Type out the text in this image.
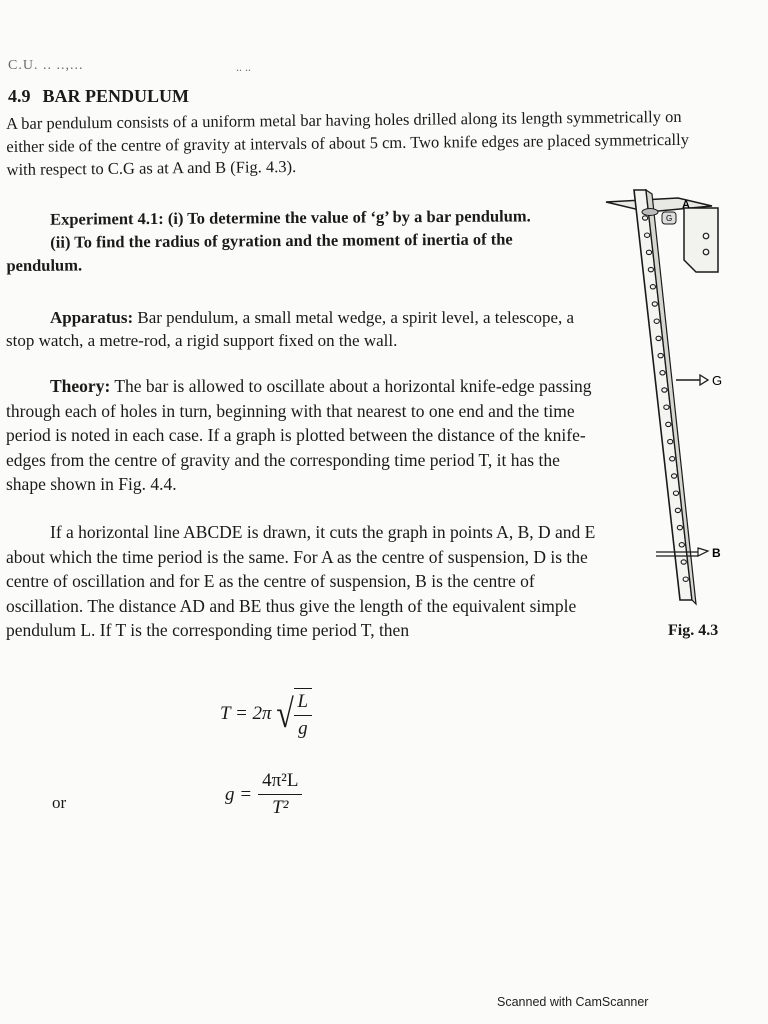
C.U. .. ..,...	.. ..
4.9 BAR PENDULUM
A bar pendulum consists of a uniform metal bar having holes drilled along its length symmetrically on either side of the centre of gravity at intervals of about 5 cm. Two knife edges are placed symmetrically with respect to C.G as at A and B (Fig. 4.3).
Experiment 4.1: (i) To determine the value of ‘g’ by a bar pendulum.
(ii) To find the radius of gyration and the moment of inertia of the pendulum.
Apparatus: Bar pendulum, a small metal wedge, a spirit level, a telescope, a stop watch, a metre-rod, a rigid support fixed on the wall.
Theory: The bar is allowed to oscillate about a horizontal knife-edge passing through each of holes in turn, beginning with that nearest to one end and the time period is noted in each case. If a graph is plotted between the distance of the knife-edges from the centre of gravity and the corresponding time period T, it has the shape shown in Fig. 4.4.
If a horizontal line ABCDE is drawn, it cuts the graph in points A, B, D and E about which the time period is the same. For A as the centre of suspension, D is the centre of oscillation and for E as the centre of suspension, B is the centre of oscillation. The distance AD and BE thus give the length of the equivalent simple pendulum L. If T is the corresponding time period T, then
T = 2π √ $\frac{L}{g}$
or	$g = \frac{\text{4π²L}}{\text{T²}}$
A
G
G
B
Fig. 4.3
Scanned with CamScanner
